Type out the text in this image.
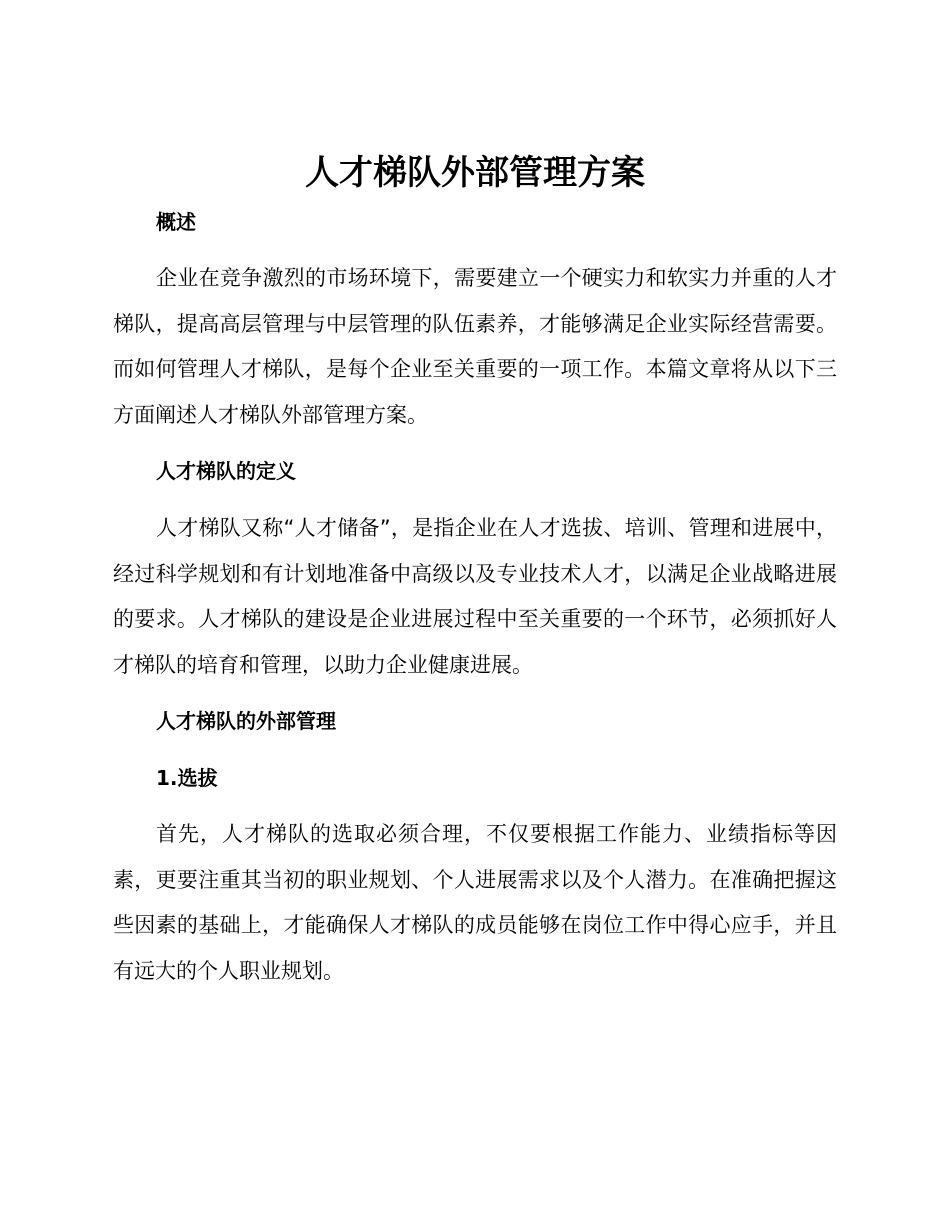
人才梯队外部管理方案
概述

企业在竞争激烈的市场环境下，需要建立一个硬实力和软实力并重的人才梯队，提高高层管理与中层管理的队伍素养，才能够满足企业实际经营需要。而如何管理人才梯队，是每个企业至关重要的一项工作。本篇文章将从以下三方面阐述人才梯队外部管理方案。

人才梯队的定义

人才梯队又称“人才储备”，是指企业在人才选拔、培训、管理和进展中，经过科学规划和有计划地准备中高级以及专业技术人才，以满足企业战略进展的要求。人才梯队的建设是企业进展过程中至关重要的一个环节，必须抓好人才梯队的培育和管理，以助力企业健康进展。

人才梯队的外部管理
1.选拔

首先，人才梯队的选取必须合理，不仅要根据工作能力、业绩指标等因素，更要注重其当初的职业规划、个人进展需求以及个人潜力。在准确把握这些因素的基础上，才能确保人才梯队的成员能够在岗位工作中得心应手，并且有远大的个人职业规划。
